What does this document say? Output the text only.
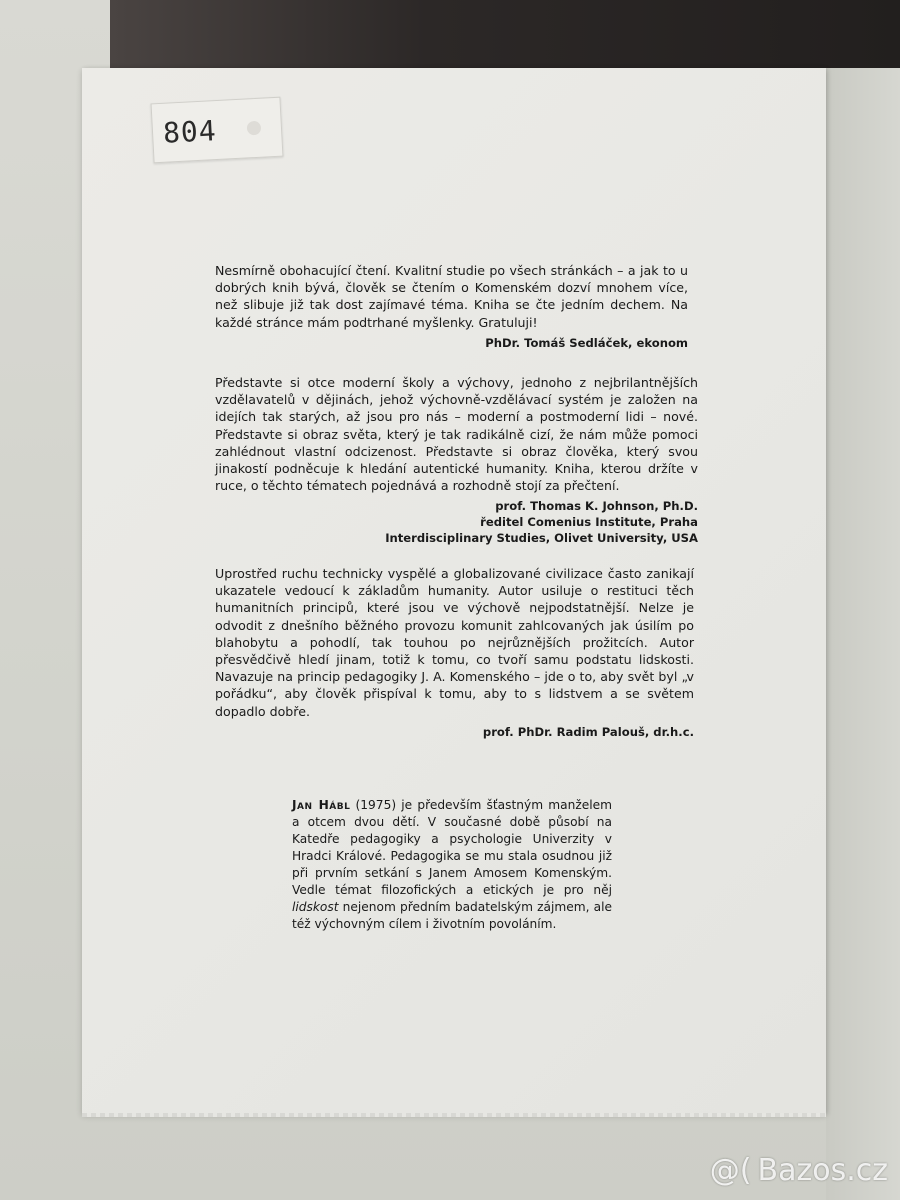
804

Nesmírně obohacující čtení. Kvalitní studie po všech stránkách – a jak to u dobrých knih bývá, člověk se čtením o Komenském dozví mnohem více, než slibuje již tak dost zajímavé téma. Kniha se čte jedním dechem. Na každé stránce mám podtrhané myšlenky. Gratuluji!

PhDr. Tomáš Sedláček, ekonom

Představte si otce moderní školy a výchovy, jednoho z nejbrilantnějších vzdělavatelů v dějinách, jehož výchovně-vzdělávací systém je založen na idejích tak starých, až jsou pro nás – moderní a postmoderní lidi – nové. Představte si obraz světa, který je tak radikálně cizí, že nám může pomoci zahlédnout vlastní odcizenost. Představte si obraz člověka, který svou jinakostí podněcuje k hledání autentické humanity. Kniha, kterou držíte v ruce, o těchto tématech pojednává a rozhodně stojí za přečtení.

prof. Thomas K. Johnson, Ph.D.
ředitel Comenius Institute, Praha
Interdisciplinary Studies, Olivet University, USA

Uprostřed ruchu technicky vyspělé a globalizované civilizace často zanikají ukazatele vedoucí k základům humanity. Autor usiluje o restituci těch humanitních principů, které jsou ve výchově nejpodstatnější. Nelze je odvodit z dnešního běžného provozu komunit zahlcovaných jak úsilím po blahobytu a pohodlí, tak touhou po nejrůznějších prožitcích. Autor přesvědčivě hledí jinam, totiž k tomu, co tvoří samu podstatu lidskosti. Navazuje na princip pedagogiky J. A. Komenského – jde o to, aby svět byl „v pořádku“, aby člověk přispíval k tomu, aby to s lidstvem a se světem dopadlo dobře.

prof. PhDr. Radim Palouš, dr.h.c.

Jan Hábl (1975) je především šťastným manželem a otcem dvou dětí. V současné době působí na Katedře pedagogiky a psychologie Univerzity v Hradci Králové. Pedagogika se mu stala osudnou již při prvním setkání s Janem Amosem Komenským. Vedle témat filozofických a etických je pro něj lidskost nejenom předním badatelským zájmem, ale též výchovným cílem i životním povoláním.

@( Bazos.cz
